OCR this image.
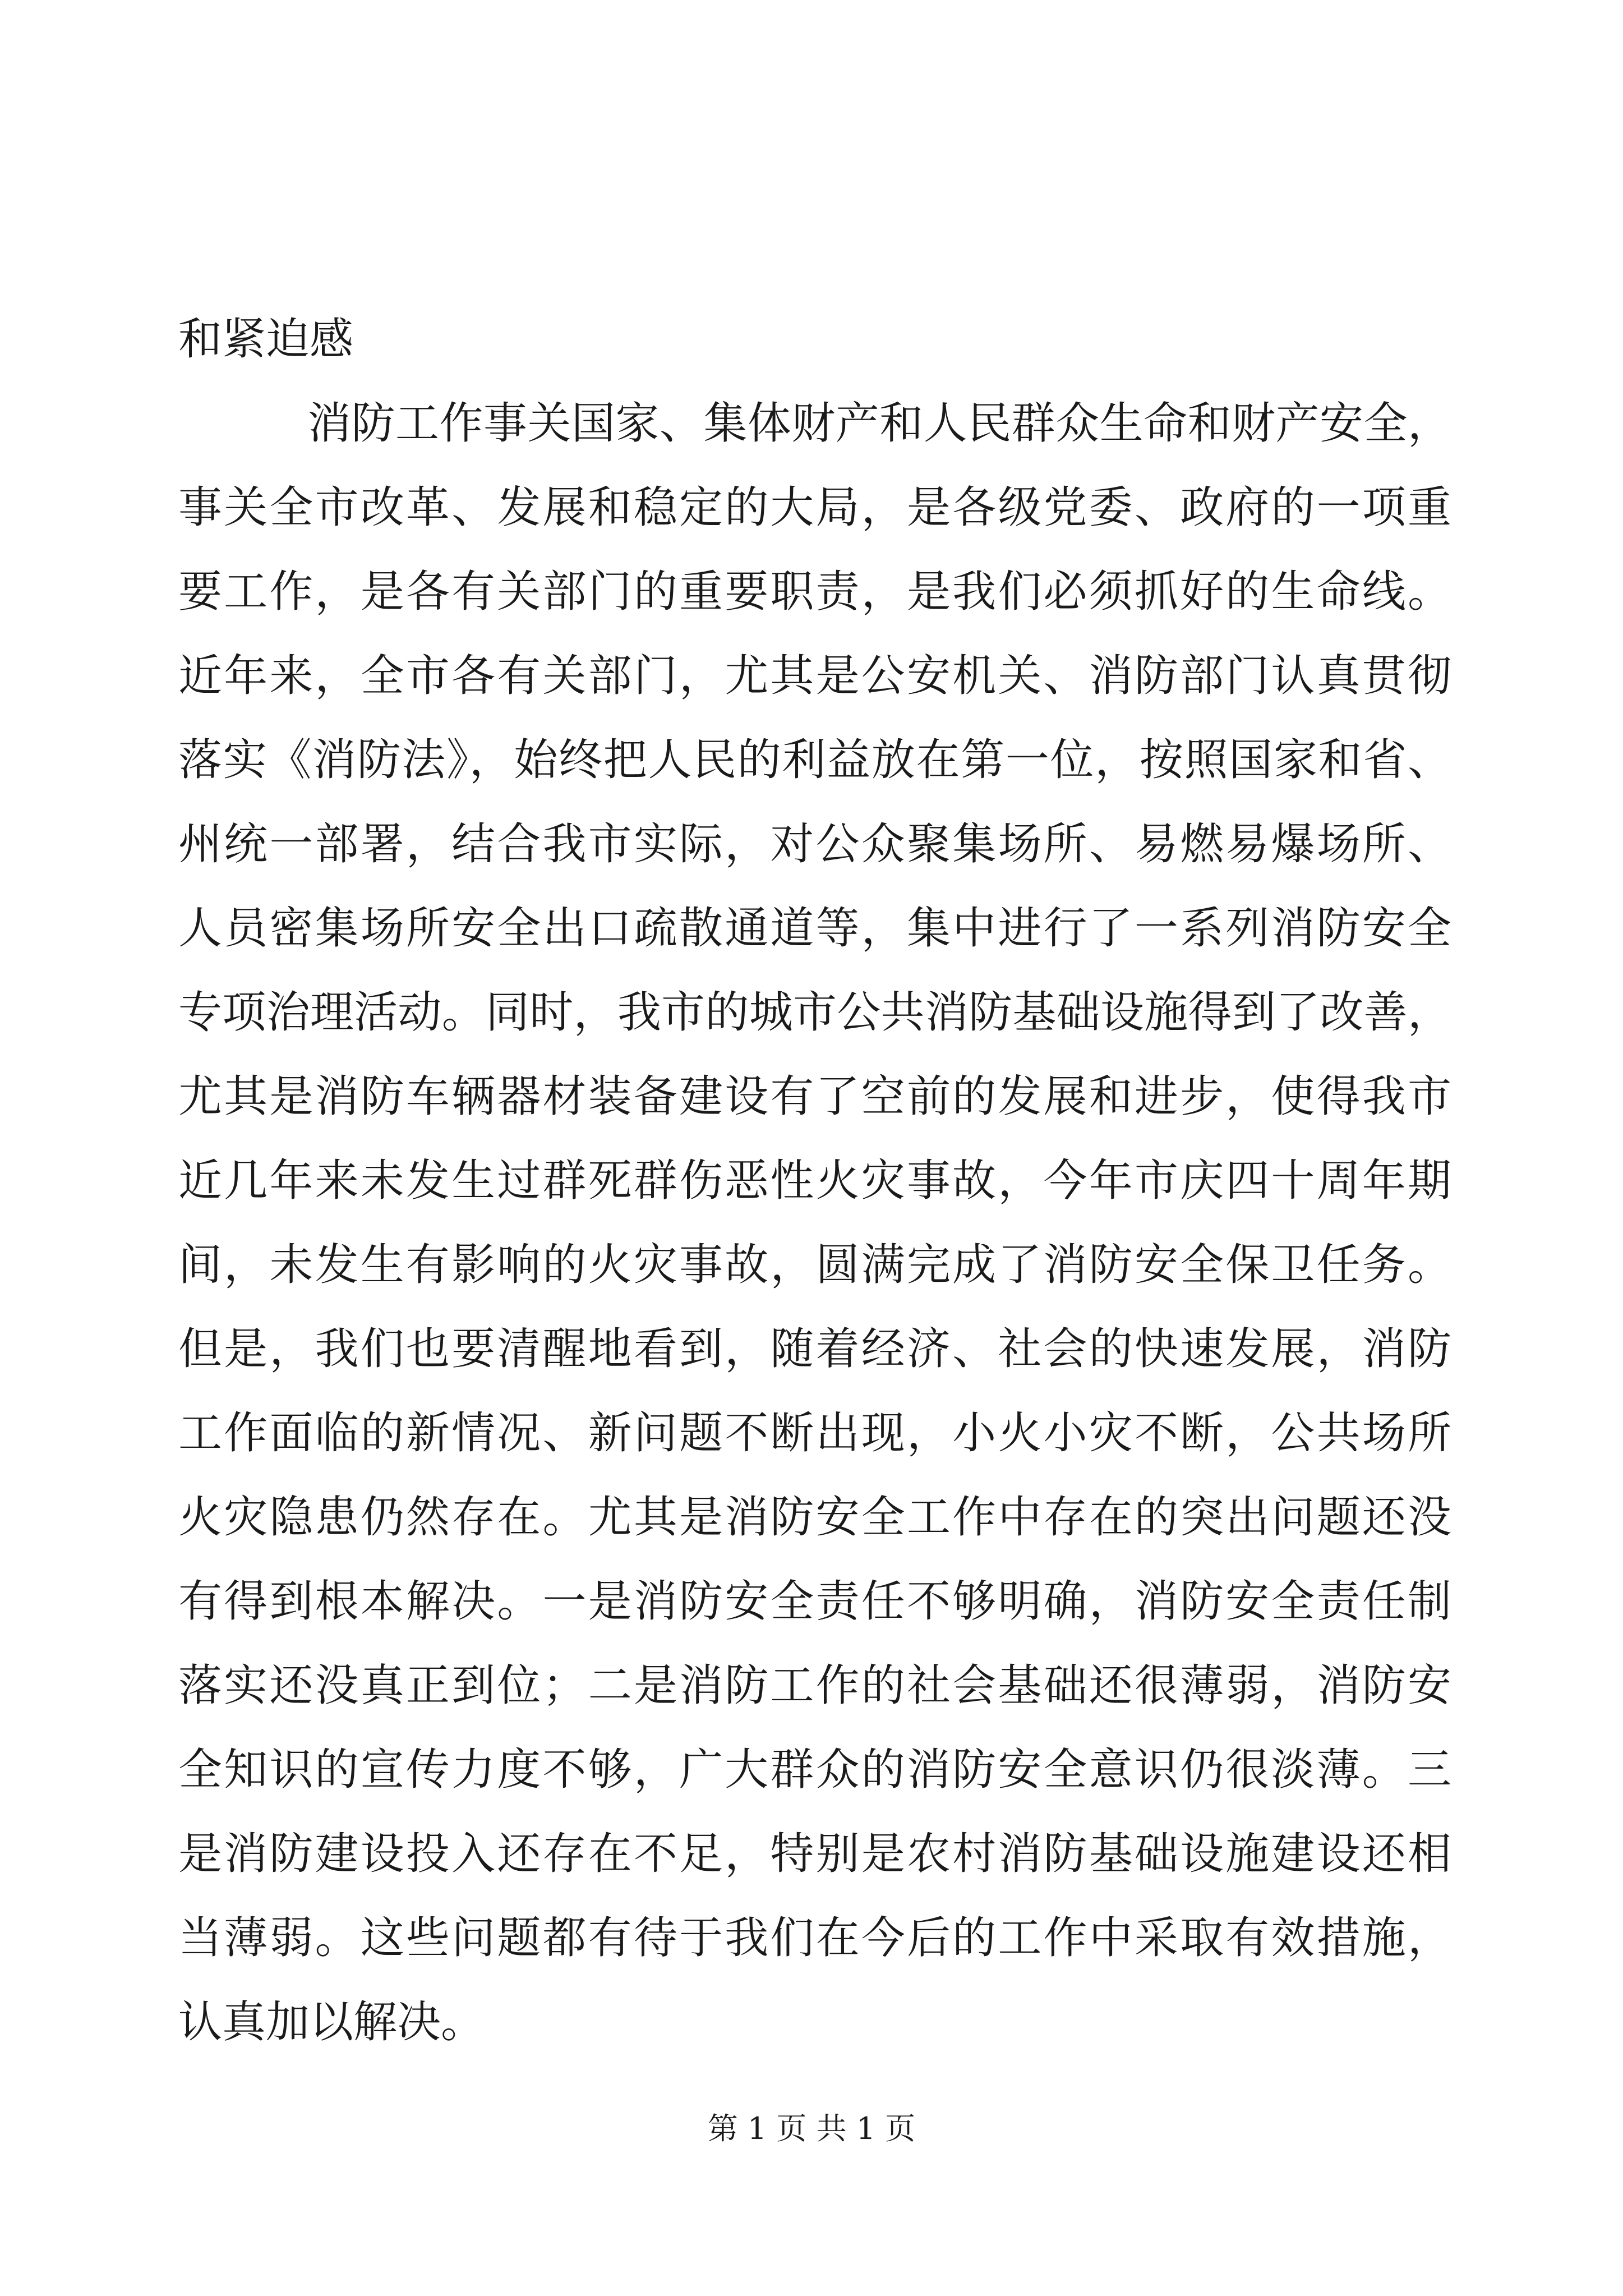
和紧迫感
消防工作事关国家、集体财产和人民群众生命和财产安全，
事关全市改革、发展和稳定的大局，是各级党委、政府的一项重
要工作，是各有关部门的重要职责，是我们必须抓好的生命线。
近年来，全市各有关部门，尤其是公安机关、消防部门认真贯彻
落实《消防法》，始终把人民的利益放在第一位，按照国家和省、
州统一部署，结合我市实际，对公众聚集场所、易燃易爆场所、
人员密集场所安全出口疏散通道等，集中进行了一系列消防安全
专项治理活动。同时，我市的城市公共消防基础设施得到了改善，
尤其是消防车辆器材装备建设有了空前的发展和进步，使得我市
近几年来未发生过群死群伤恶性火灾事故，今年市庆四十周年期
间，未发生有影响的火灾事故，圆满完成了消防安全保卫任务。
但是，我们也要清醒地看到，随着经济、社会的快速发展，消防
工作面临的新情况、新问题不断出现，小火小灾不断，公共场所
火灾隐患仍然存在。尤其是消防安全工作中存在的突出问题还没
有得到根本解决。一是消防安全责任不够明确，消防安全责任制
落实还没真正到位；二是消防工作的社会基础还很薄弱，消防安
全知识的宣传力度不够，广大群众的消防安全意识仍很淡薄。三
是消防建设投入还存在不足，特别是农村消防基础设施建设还相
当薄弱。这些问题都有待于我们在今后的工作中采取有效措施，
认真加以解决。
第 1 页 共 1 页
